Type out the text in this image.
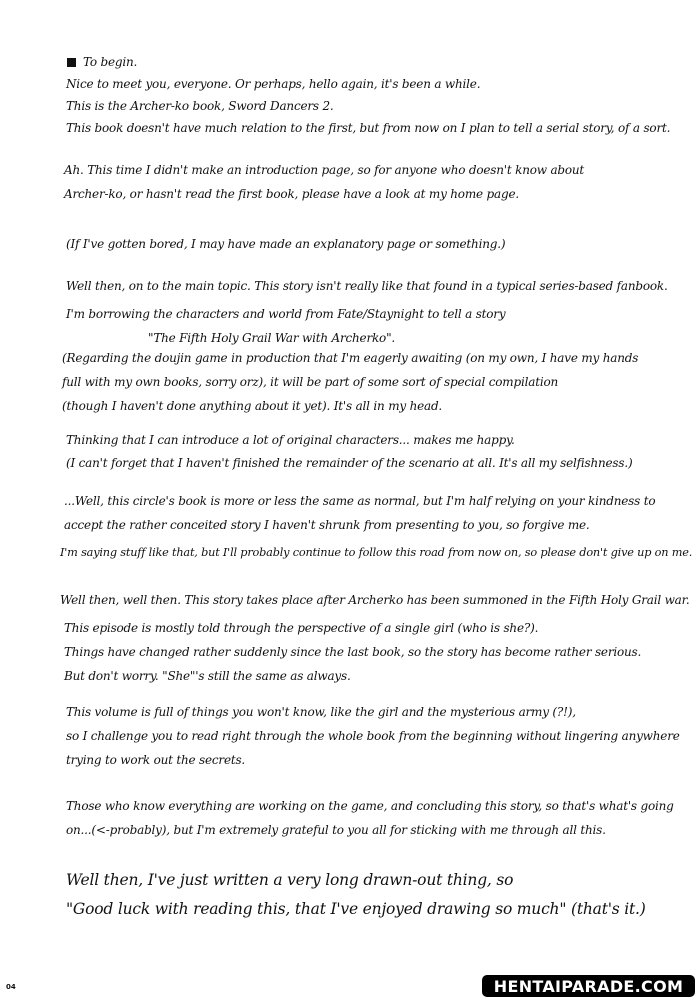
To begin.
Nice to meet you, everyone. Or perhaps, hello again, it's been a while.
This is the Archer-ko book, Sword Dancers 2.
This book doesn't have much relation to the first, but from now on I plan to tell a serial story, of a sort.
Ah. This time I didn't make an introduction page, so for anyone who doesn't know about
Archer-ko, or hasn't read the first book, please have a look at my home page.
(If I've gotten bored, I may have made an explanatory page or something.)
Well then, on to the main topic. This story isn't really like that found in a typical series-based fanbook.
I'm borrowing the characters and world from Fate/Staynight to tell a story
"The Fifth Holy Grail War with Archerko".
(Regarding the doujin game in production that I'm eagerly awaiting (on my own, I have my hands
full with my own books, sorry orz), it will be part of some sort of special compilation
(though I haven't done anything about it yet). It's all in my head.
Thinking that I can introduce a lot of original characters... makes me happy.
(I can't forget that I haven't finished the remainder of the scenario at all. It's all my selfishness.)
...Well, this circle's book is more or less the same as normal, but I'm half relying on your kindness to
accept the rather conceited story I haven't shrunk from presenting to you, so forgive me.
I'm saying stuff like that, but I'll probably continue to follow this road from now on, so please don't give up on me.
Well then, well then. This story takes place after Archerko has been summoned in the Fifth Holy Grail war.
This episode is mostly told through the perspective of a single girl (who is she?).
Things have changed rather suddenly since the last book, so the story has become rather serious.
But don't worry. "She"'s still the same as always.
This volume is full of things you won't know, like the girl and the mysterious army (?!),
so I challenge you to read right through the whole book from the beginning without lingering anywhere
trying to work out the secrets.
Those who know everything are working on the game, and concluding this story, so that's what's going
on...(<-probably), but I'm extremely grateful to you all for sticking with me through all this.
Well then, I've just written a very long drawn-out thing, so
"Good luck with reading this, that I've enjoyed drawing so much" (that's it.)
04	HENTAIPARADE.COM
